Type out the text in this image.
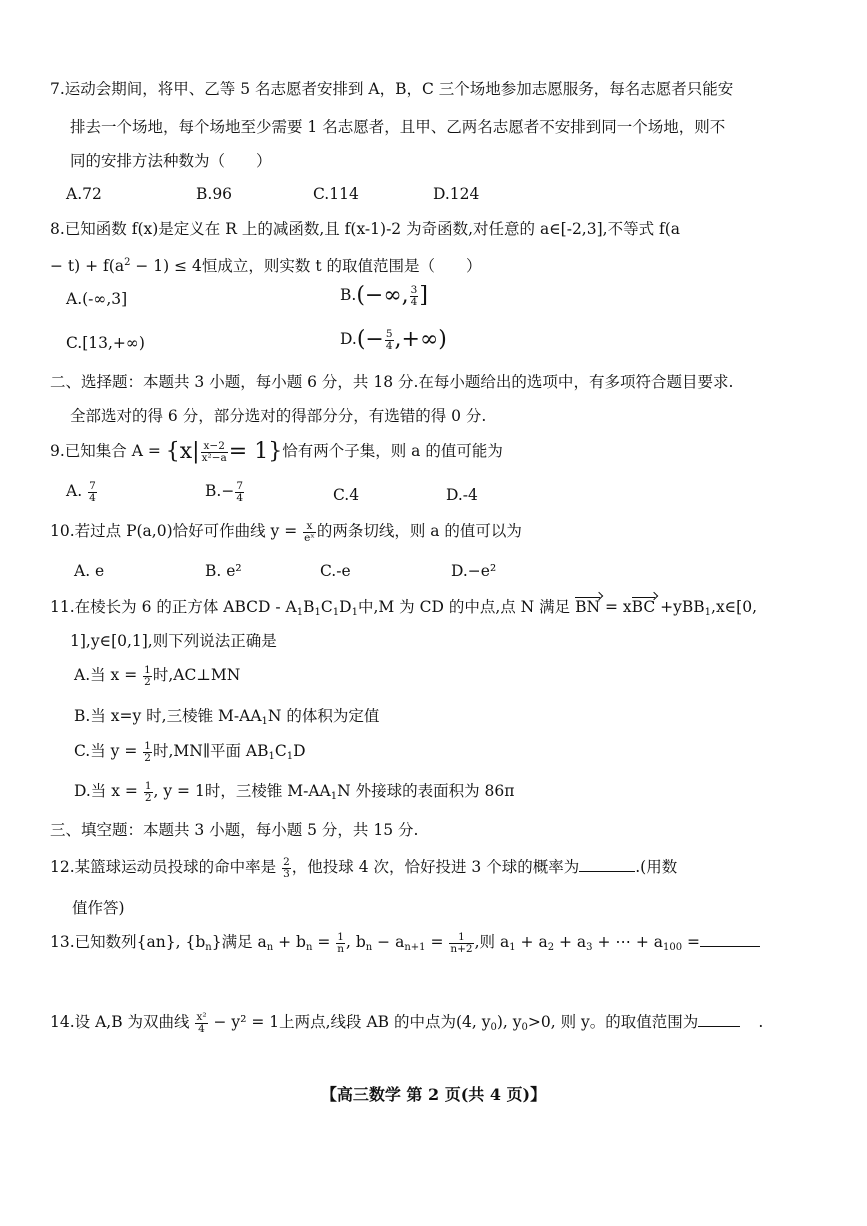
7.运动会期间，将甲、乙等 5 名志愿者安排到 A，B，C 三个场地参加志愿服务，每名志愿者只能安
排去一个场地，每个场地至少需要 1 名志愿者，且甲、乙两名志愿者不安排到同一个场地，则不
同的安排方法种数为（　　）
A.72	B.96	C.114	D.124
8.已知函数 f(x)是定义在 R 上的减函数,且 f(x-1)-2 为奇函数,对任意的 a∈[-2,3],不等式 f(a
− $t) + f(a^2 - 1) \le 4$恒成立，则实数 t 的取值范围是（　　）
A.(-∞,3]	B.(−∞, $\frac{3}{4}$ ]
C.[13,+∞)	$D.(- \frac{5}{4}$ ,+∞)
二、选择题：本题共 3 小题，每小题 6 分，共 18 分.在每小题给出的选项中，有多项符合题目要求.
全部选对的得 6 分，部分选对的得部分分，有选错的得 0 分.
9.已知集合 $A = \{x| \frac{x-2}{\text{x²−a}} = 1\}$恰有两个子集，则 a 的值可能为
A. $\frac{7}{4}$	$B.- \frac{7}{4}$	C.4	D.-4
10.若过点 P(a,0)恰好可作曲线 $y = \frac{x}{\text{eˣ}}$ 的两条切线，则 a 的值可以为
A. e	B. e²	C.-e	D.−e²
11.在棱长为 6 的正方体 ABCD - $A_1B_1C_1D_1$中,M 为 CD 的中点,点 N 满足 BN = xBC +yBB$_1$,x∈[0,
1],y∈[0,1],则下列说法正确是
A.当 $x = \frac{1}{2}$ 时,AC⊥MN
B.当 x=y 时,三棱锥 $M-AA_1N$ 的体积为定值
C.当 $y = \frac{1}{2}$ 时,MN∥平面 $AB_1C_1D$
D.当 $x = \frac{1}{2}$ , y = 1时，三棱锥 $M-AA_1N$ 外接球的表面积为 86π
三、填空题：本题共 3 小题，每小题 5 分，共 15 分.
12.某篮球运动员投球的命中率是 $\frac{2}{3}$ ，他投球 4 次，恰好投进 3 个球的概率为	.(用数
值作答)
13.已知数列{an}, $\{b_n\}$满足 $a_n + b_n = \frac{1}{n}$ , $b_n - a_{n+1} = \frac{1}{n+2}$ ,则 $a_1 + a_2 + a_3$ + ⋯ + $a_{100}$ =
14.设 A,B 为双曲线 $\frac{\text{x²}}{4} - y^2 = 1$上两点,线段 AB 的中点为(4, $y_0$), $y_0>0$, 则 y。的取值范围为	.
【高三数学 第 2 页(共 4 页)】
